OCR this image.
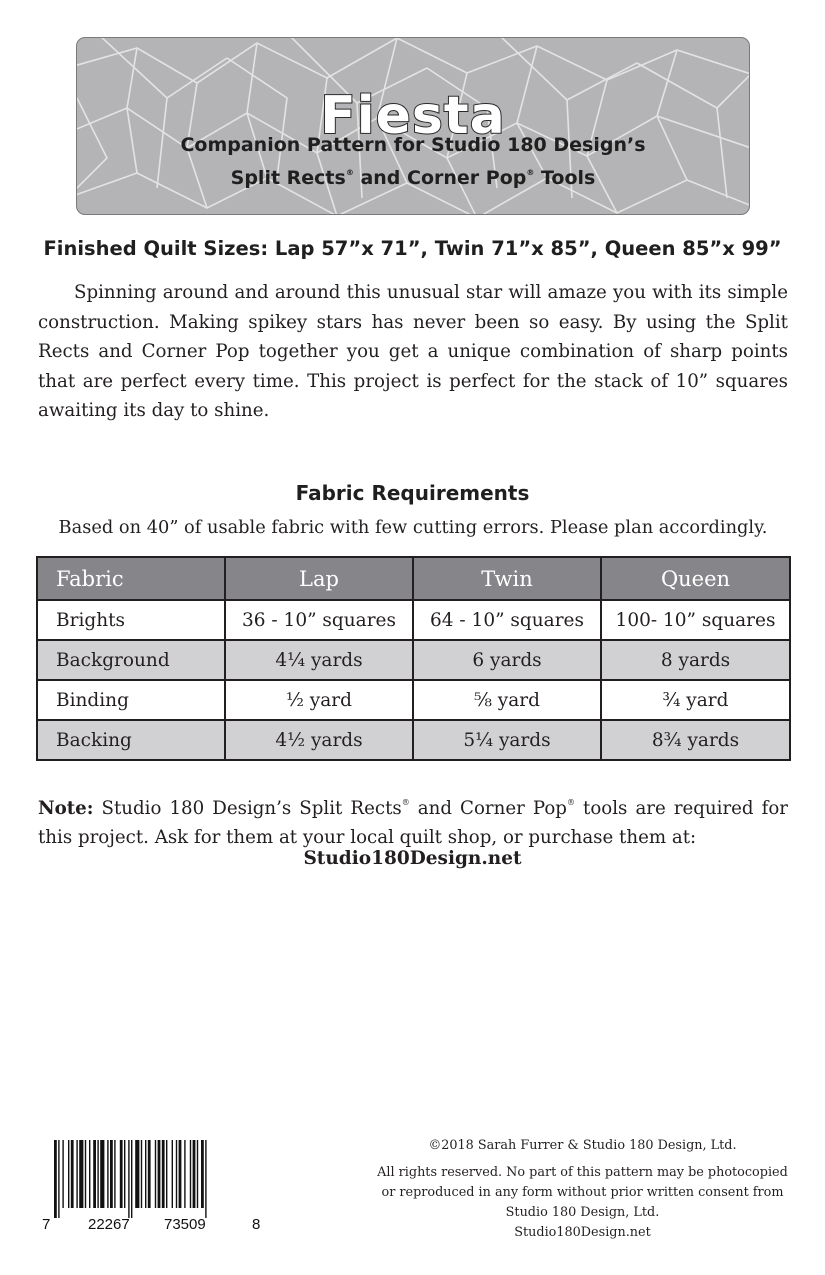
Fiesta
Companion Pattern for Studio 180 Design’s
Split Rects® and Corner Pop® Tools
Finished Quilt Sizes: Lap 57”x 71”, Twin 71”x 85”, Queen 85”x 99”
Spinning around and around this unusual star will amaze you with its simple construction. Making spikey stars has never been so easy. By using the Split Rects and Corner Pop together you get a unique combination of sharp points that are perfect every time. This project is perfect for the stack of 10” squares awaiting its day to shine.
Fabric Requirements
Based on 40” of usable fabric with few cutting errors. Please plan accordingly.
Fabric	Lap	Twin	Queen
Brights	36 - 10” squares	64 - 10” squares	100- 10” squares
Background	4¼ yards	6 yards	8 yards
Binding	½ yard	⅝ yard	¾ yard
Backing	4½ yards	5¼ yards	8¾ yards
Note: Studio 180 Design’s Split Rects® and Corner Pop® tools are required for this project. Ask for them at your local quilt shop, or purchase them at:
Studio180Design.net
7	22267 73509	8
©2018 Sarah Furrer & Studio 180 Design, Ltd.
All rights reserved. No part of this pattern may be photocopied
or reproduced in any form without prior written consent from
Studio 180 Design, Ltd.
Studio180Design.net
